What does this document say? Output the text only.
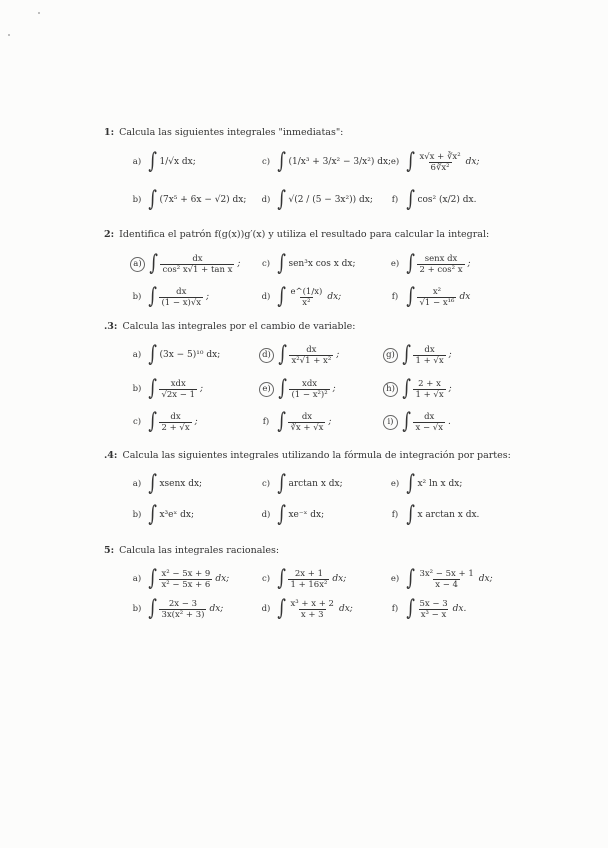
1: Calcula las siguientes integrales "inmediatas":
a) ∫ 1/√x dx;	c) ∫ (1/x³ + 3/x² − 3/x²) dx; e) ∫ $\frac{\text{x√x + ∛x²}}{\text{6∛x²}}$ dx;
b) ∫ (7x⁵ + 6x − √2) dx;	d) ∫ √(2 / (5 − 3x²)) dx;	f) ∫ cos² (x/2) dx.
2: Identifica el patrón f(g(x))g′(x) y utiliza el resultado para calcular la integral:
a) ∫ $\frac{dx}{\text{cos² x√1 + tan x}}$ ;	c) ∫ sen³x cos x dx;	e) ∫ $\frac{\text{senx dx}}{\text{2 + cos² x}}$ ;
b) ∫ $\frac{dx}{(1 - x)√x}$ ;	d) ∫ $\frac{e\^{}(1/x)}{\text{x²}}$ dx;	f) ∫ $\frac{\text{x²}}{\text{√1 − x¹⁶}}$ dx
.3: Calcula las integrales por el cambio de variable:
a) ∫ (3x − 5)¹⁰ dx;	d) ∫ $\frac{dx}{\text{x²√1 + x²}}$ ;	g) ∫ $\frac{dx}{1 + √x}$ ;
b) ∫ $\frac{\text{xdx}}{√2x - 1}$ ;	e) ∫ $\frac{\text{xdx}}{\text{(1 − x²)²}}$ ;	h) ∫ $\frac{2 + x}{1 + √x}$ ;
c) ∫ $\frac{dx}{2 + √x}$ ;	f) ∫ $\frac{dx}{∛x + √x}$ ;	i) ∫ $\frac{dx}{x - √x}$ .
.4: Calcula las siguientes integrales utilizando la fórmula de integración por partes:
a) ∫ xsenx dx;	c) ∫ arctan x dx;	e) ∫ x² ln x dx;
b) ∫ x³eˣ dx;	d) ∫ xe⁻ˣ dx;	f) ∫ x arctan x dx.
5: Calcula las integrales racionales:
a) ∫ $\frac{\text{x² − 5x + 9}}{\text{x² − 5x + 6}}$ dx;	c) ∫ $\frac{2x + 1}{\text{1 + 16x²}}$ dx;	e) ∫ $\frac{\text{3x² − 5x + 1}}{x - 4}$ dx;
b) ∫ $\frac{2x - 3}{\text{3x(x² + 3)}}$ dx;	d) ∫ $\frac{\text{x³ + x + 2}}{x + 3}$ dx;	f) ∫ $\frac{5x - 3}{\text{x³ − x}}$ dx.
